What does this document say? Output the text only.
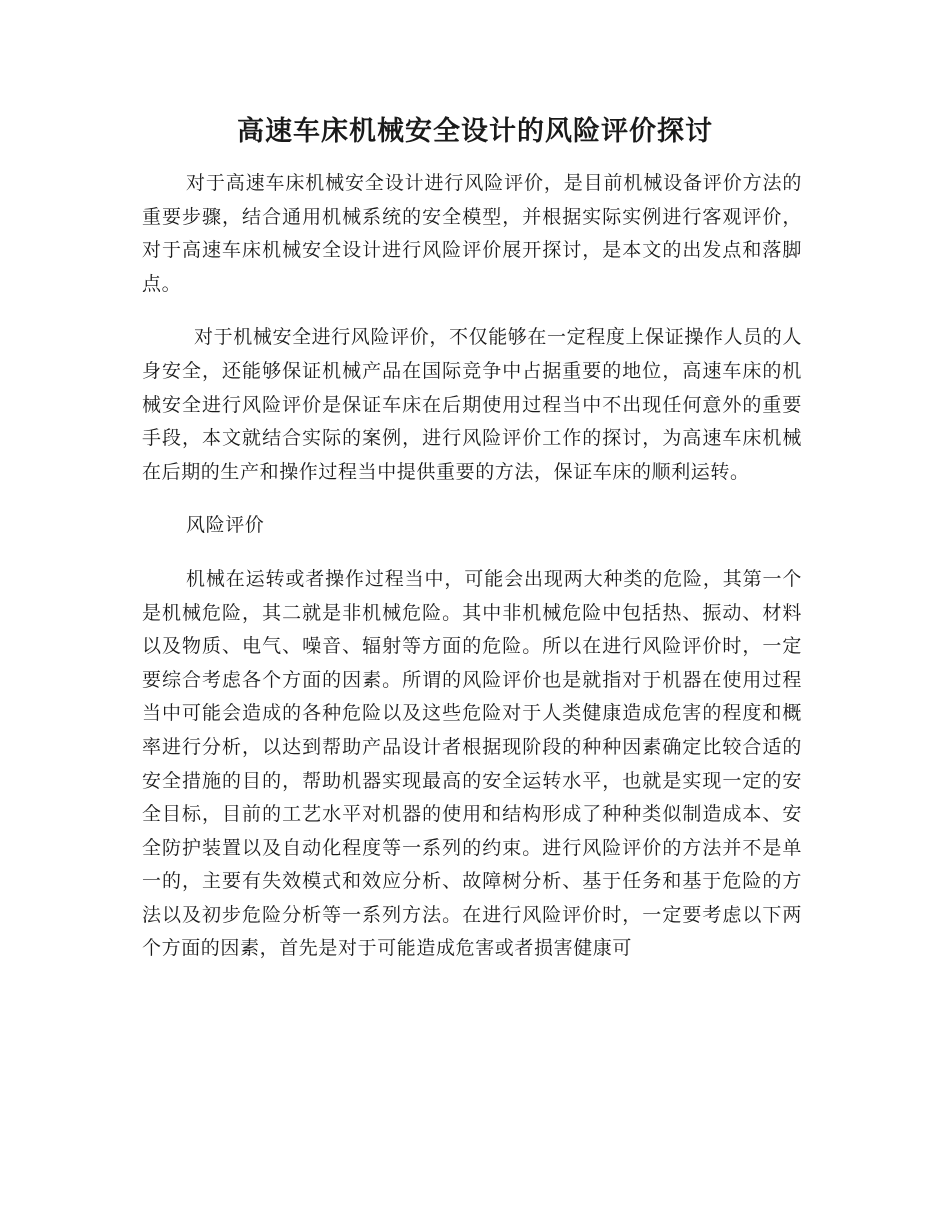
高速车床机械安全设计的风险评价探讨

对于高速车床机械安全设计进行风险评价，是目前机械设备评价方法的重要步骤，结合通用机械系统的安全模型，并根据实际实例进行客观评价，对于高速车床机械安全设计进行风险评价展开探讨，是本文的出发点和落脚点。

对于机械安全进行风险评价，不仅能够在一定程度上保证操作人员的人身安全，还能够保证机械产品在国际竞争中占据重要的地位，高速车床的机械安全进行风险评价是保证车床在后期使用过程当中不出现任何意外的重要手段，本文就结合实际的案例，进行风险评价工作的探讨，为高速车床机械在后期的生产和操作过程当中提供重要的方法，保证车床的顺利运转。

风险评价

机械在运转或者操作过程当中，可能会出现两大种类的危险，其第一个是机械危险，其二就是非机械危险。其中非机械危险中包括热、振动、材料以及物质、电气、噪音、辐射等方面的危险。所以在进行风险评价时，一定要综合考虑各个方面的因素。所谓的风险评价也是就指对于机器在使用过程当中可能会造成的各种危险以及这些危险对于人类健康造成危害的程度和概率进行分析，以达到帮助产品设计者根据现阶段的种种因素确定比较合适的安全措施的目的，帮助机器实现最高的安全运转水平，也就是实现一定的安全目标，目前的工艺水平对机器的使用和结构形成了种种类似制造成本、安全防护装置以及自动化程度等一系列的约束。进行风险评价的方法并不是单一的，主要有失效模式和效应分析、故障树分析、基于任务和基于危险的方法以及初步危险分析等一系列方法。在进行风险评价时，一定要考虑以下两个方面的因素，首先是对于可能造成危害或者损害健康可
